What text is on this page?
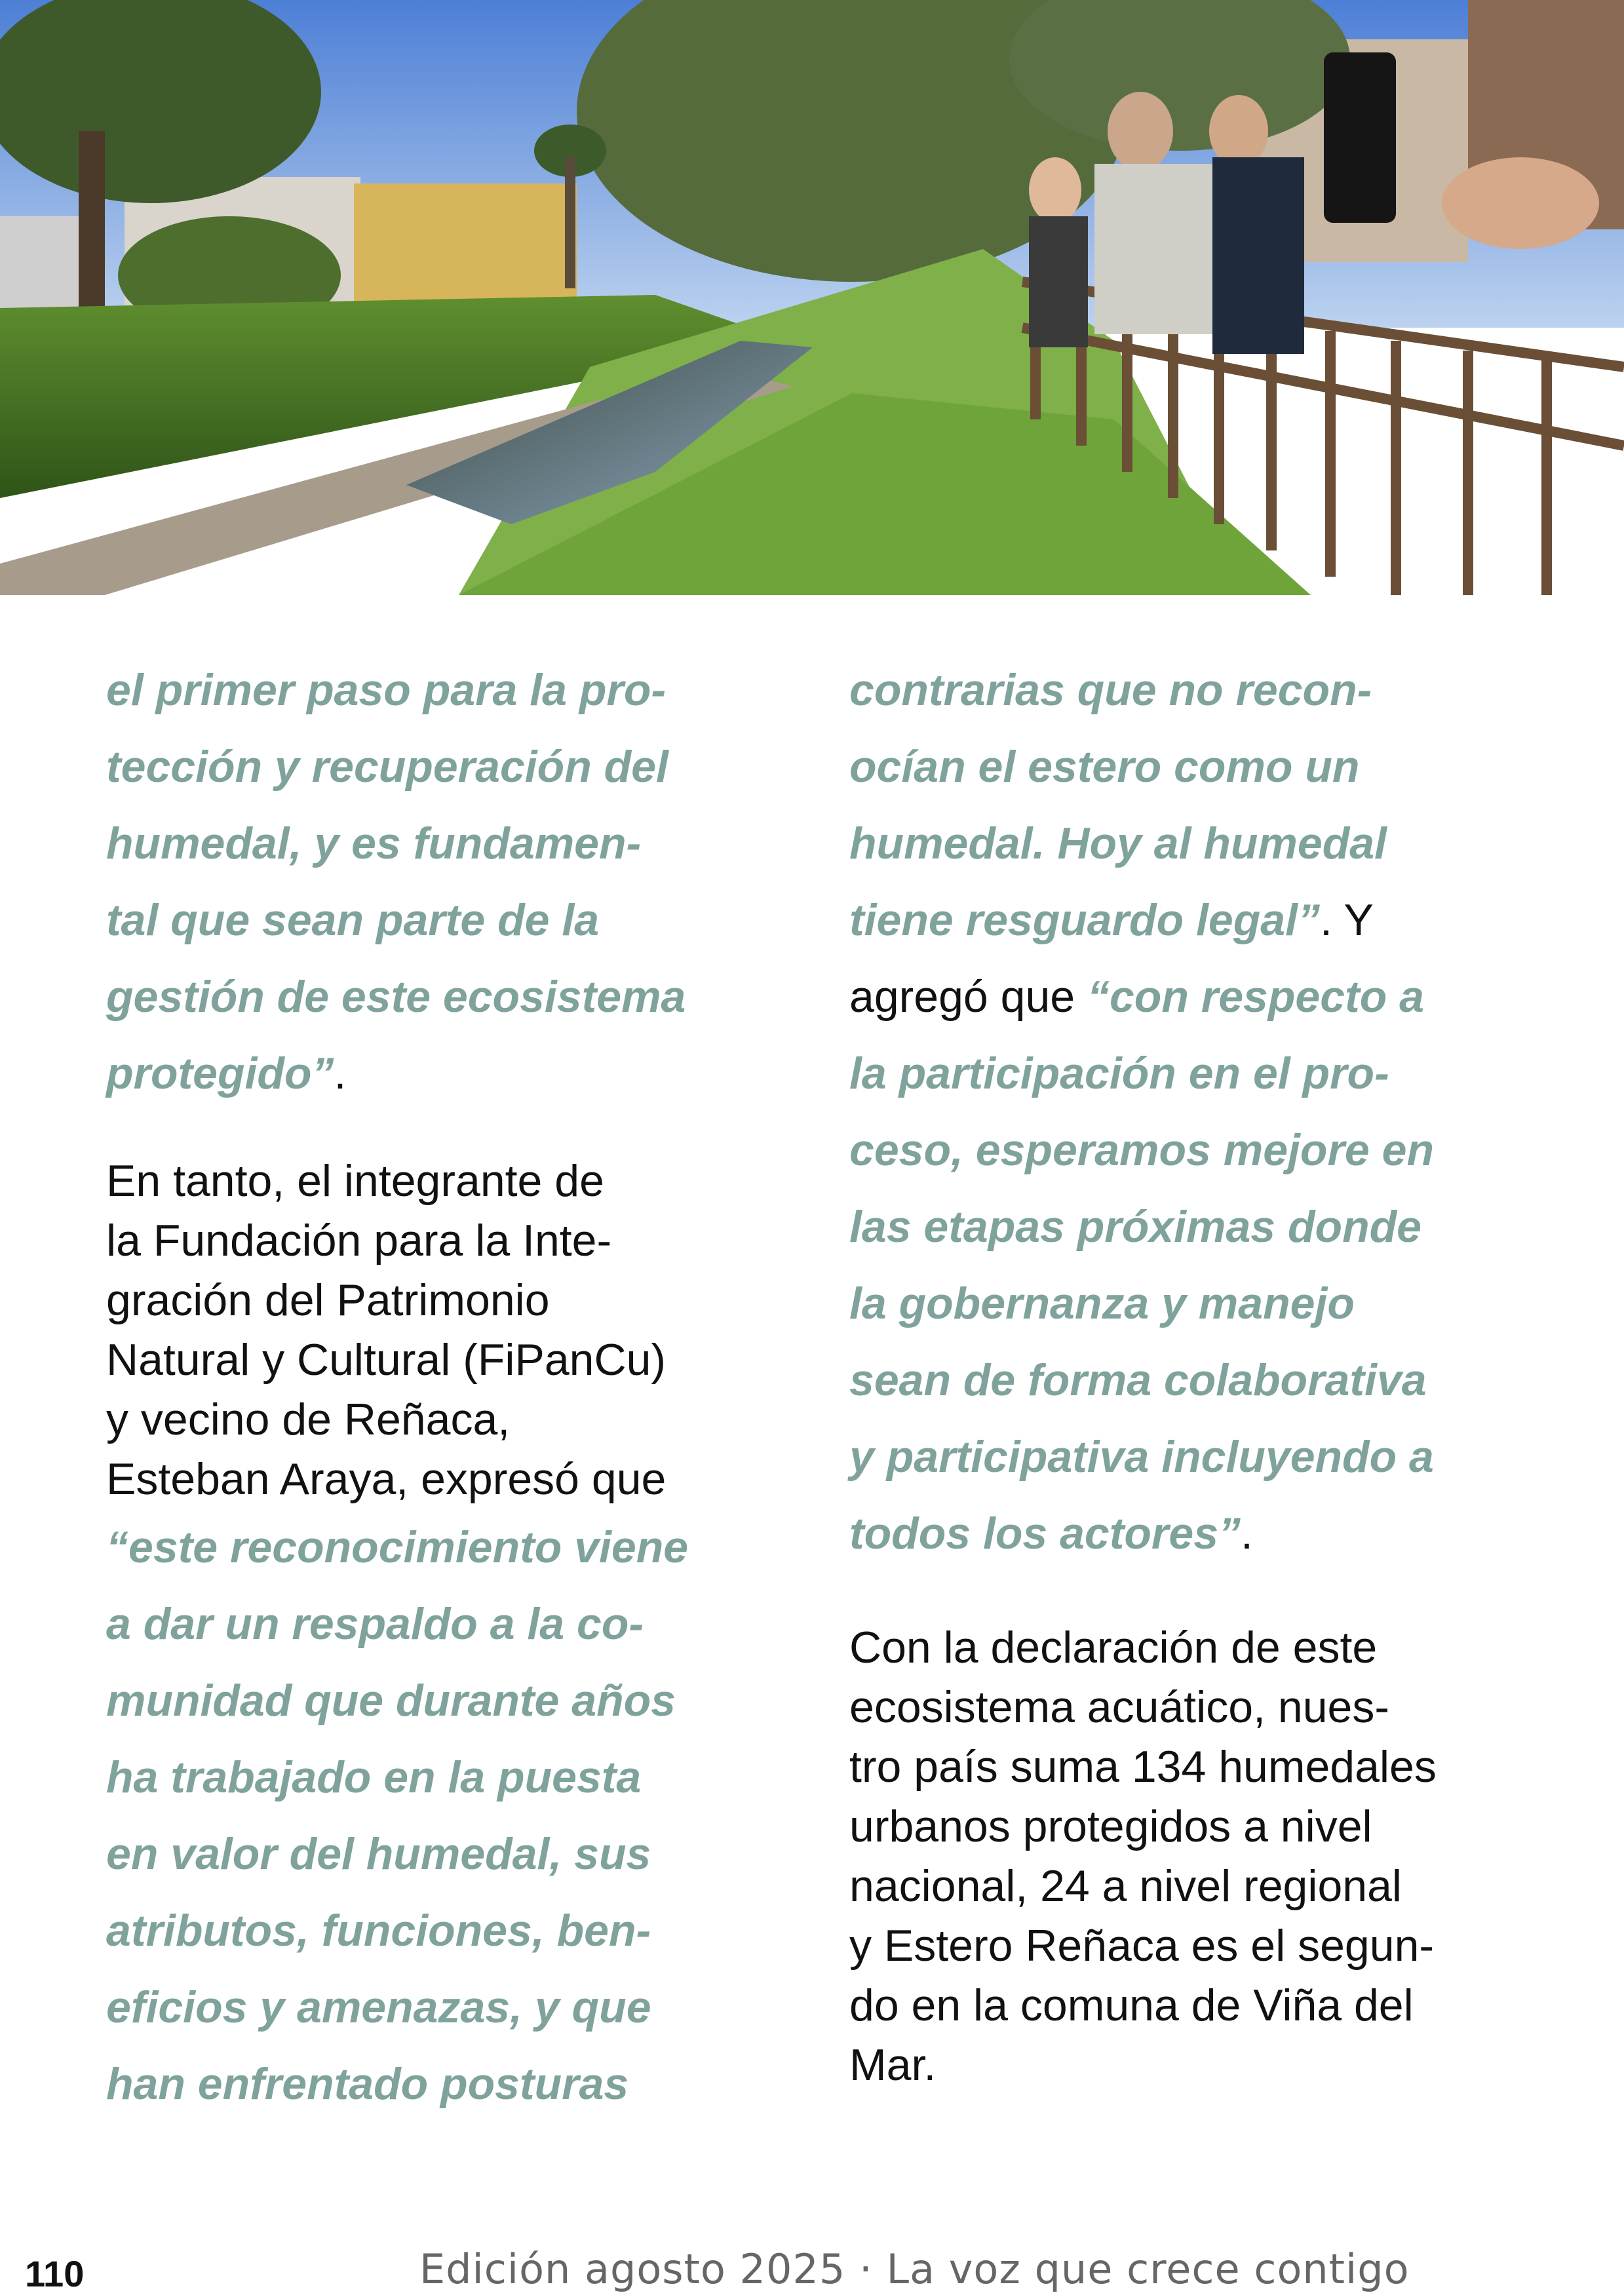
el primer paso para la pro-
tección y recuperación del
humedal, y es fundamen-
tal que sean parte de la
gestión de este ecosistema
protegido”.

En tanto, el integrante de
la Fundación para la Inte-
gración del Patrimonio
Natural y Cultural (FiPanCu)
y vecino de Reñaca,
Esteban Araya, expresó que

“este reconocimiento viene
a dar un respaldo a la co-
munidad que durante años
ha trabajado en la puesta
en valor del humedal, sus
atributos, funciones, ben-
eficios y amenazas, y que
han enfrentado posturas

contrarias que no recon-
ocían el estero como un
humedal. Hoy al humedal
tiene resguardo legal”. Y
agregó que “con respecto a
la participación en el pro-
ceso, esperamos mejore en
las etapas próximas donde
la gobernanza y manejo
sean de forma colaborativa
y participativa incluyendo a
todos los actores”.

Con la declaración de este
ecosistema acuático, nues-
tro país suma 134 humedales
urbanos protegidos a nivel
nacional, 24 a nivel regional
y Estero Reñaca es el segun-
do en la comuna de Viña del
Mar.

110	Edición agosto 2025 · La voz que crece contigo
